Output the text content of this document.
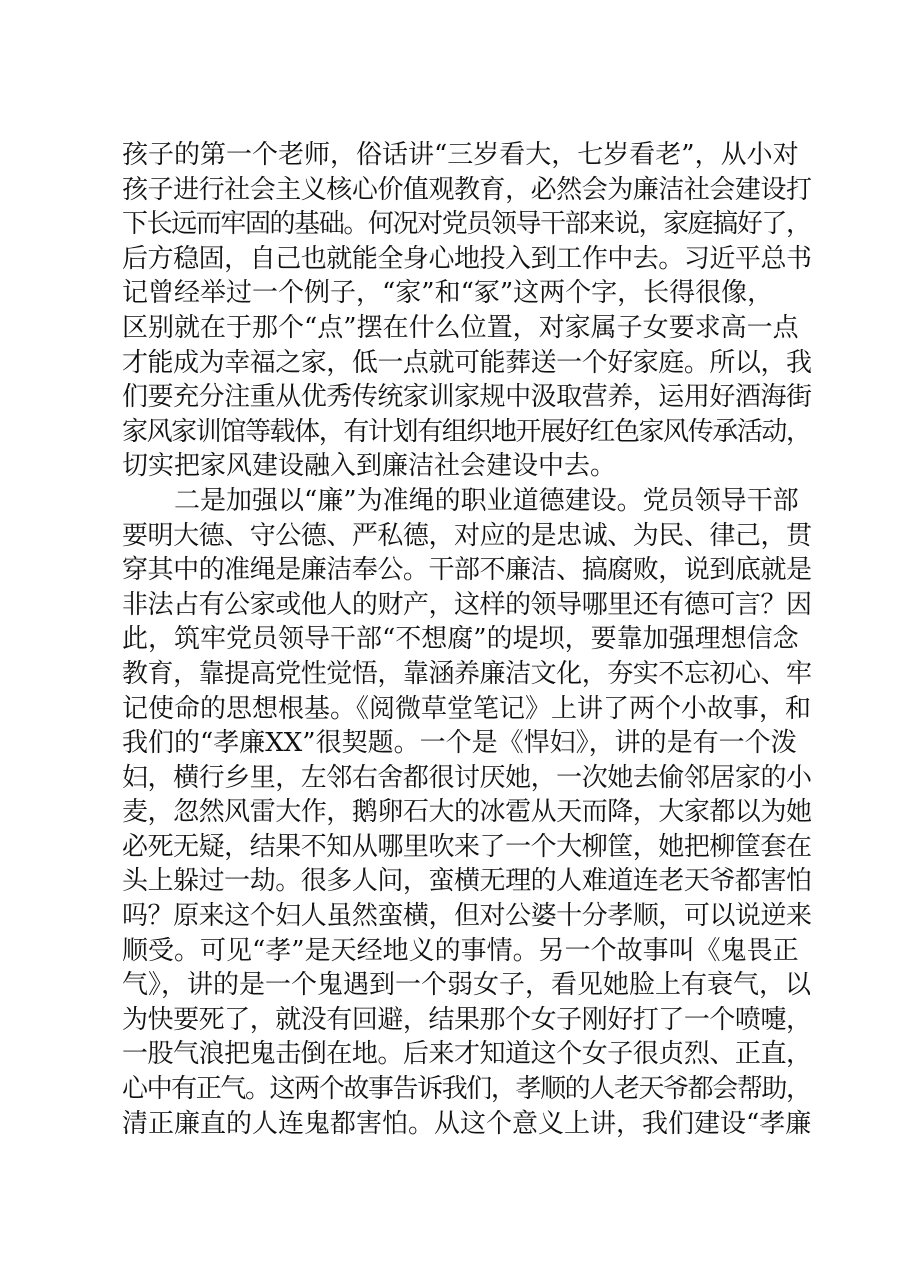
孩子的第一个老师，俗话讲“三岁看大，七岁看老”，从小对
孩子进行社会主义核心价值观教育，必然会为廉洁社会建设打
下长远而牢固的基础。何况对党员领导干部来说，家庭搞好了，
后方稳固，自己也就能全身心地投入到工作中去。习近平总书
记曾经举过一个例子，“家”和“冢”这两个字，长得很像，
区别就在于那个“点”摆在什么位置，对家属子女要求高一点
才能成为幸福之家，低一点就可能葬送一个好家庭。所以，我
们要充分注重从优秀传统家训家规中汲取营养，运用好酒海街
家风家训馆等载体，有计划有组织地开展好红色家风传承活动，
切实把家风建设融入到廉洁社会建设中去。
二是加强以“廉”为准绳的职业道德建设。党员领导干部
要明大德、守公德、严私德，对应的是忠诚、为民、律己，贯
穿其中的准绳是廉洁奉公。干部不廉洁、搞腐败，说到底就是
非法占有公家或他人的财产，这样的领导哪里还有德可言？因
此，筑牢党员领导干部“不想腐”的堤坝，要靠加强理想信念
教育，靠提高党性觉悟，靠涵养廉洁文化，夯实不忘初心、牢
记使命的思想根基。《阅微草堂笔记》上讲了两个小故事，和
我们的“孝廉XX”很契题。一个是《悍妇》，讲的是有一个泼
妇，横行乡里，左邻右舍都很讨厌她，一次她去偷邻居家的小
麦，忽然风雷大作，鹅卵石大的冰雹从天而降，大家都以为她
必死无疑，结果不知从哪里吹来了一个大柳筐，她把柳筐套在
头上躲过一劫。很多人问，蛮横无理的人难道连老天爷都害怕
吗？原来这个妇人虽然蛮横，但对公婆十分孝顺，可以说逆来
顺受。可见“孝”是天经地义的事情。另一个故事叫《鬼畏正
气》，讲的是一个鬼遇到一个弱女子，看见她脸上有衰气，以
为快要死了，就没有回避，结果那个女子刚好打了一个喷嚏，
一股气浪把鬼击倒在地。后来才知道这个女子很贞烈、正直，
心中有正气。这两个故事告诉我们，孝顺的人老天爷都会帮助，
清正廉直的人连鬼都害怕。从这个意义上讲，我们建设“孝廉
